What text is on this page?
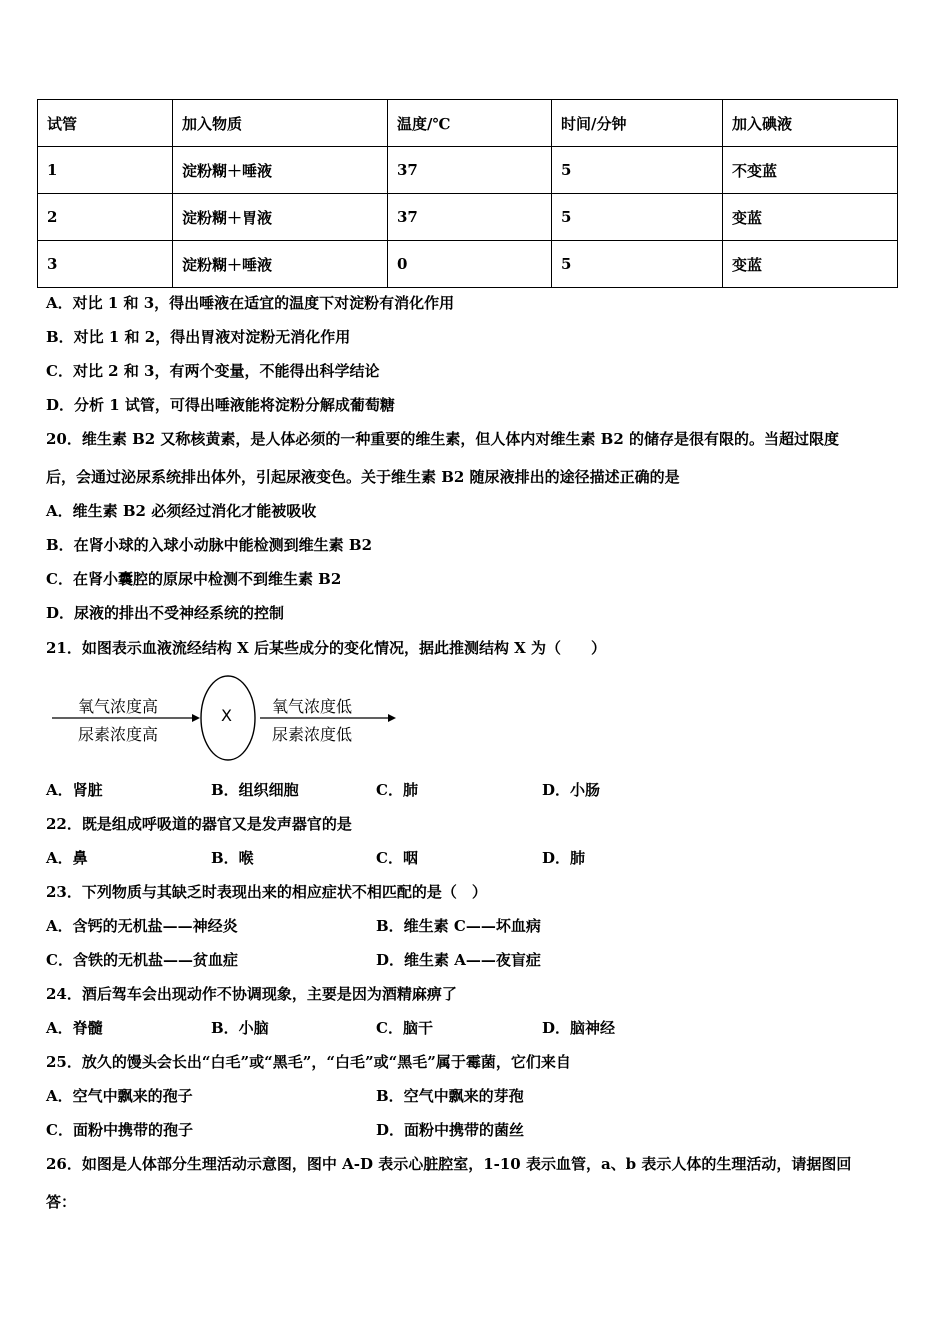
试管	加入物质	温度/℃	时间/分钟	加入碘液
1	淀粉糊＋唾液	37	5	不变蓝
2	淀粉糊＋胃液	37	5	变蓝
3	淀粉糊＋唾液	0	5	变蓝
A．对比 1 和 3，得出唾液在适宜的温度下对淀粉有消化作用
B．对比 1 和 2，得出胃液对淀粉无消化作用
C．对比 2 和 3，有两个变量，不能得出科学结论
D．分析 1 试管，可得出唾液能将淀粉分解成葡萄糖
20．维生素 B2 又称核黄素，是人体必须的一种重要的维生素，但人体内对维生素 B2 的储存是很有限的。当超过限度
后，会通过泌尿系统排出体外，引起尿液变色。关于维生素 B2 随尿液排出的途径描述正确的是
A．维生素 B2 必须经过消化才能被吸收
B．在肾小球的入球小动脉中能检测到维生素 B2
C．在肾小囊腔的原尿中检测不到维生素 B2
D．尿液的排出不受神经系统的控制
21．如图表示血液流经结构 X 后某些成分的变化情况，据此推测结构 X 为（　　）
氧气浓度高
尿素浓度高
X	氧气浓度低
尿素浓度低
A．肾脏	B．组织细胞	C．肺	D．小肠
22．既是组成呼吸道的器官又是发声器官的是
A．鼻	B．喉	C．咽	D．肺
23．下列物质与其缺乏时表现出来的相应症状不相匹配的是（　）
A．含钙的无机盐——神经炎	B．维生素 C——坏血病
C．含铁的无机盐——贫血症	D．维生素 A——夜盲症
24．酒后驾车会出现动作不协调现象，主要是因为酒精麻痹了
A．脊髓	B．小脑	C．脑干	D．脑神经
25．放久的馒头会长出“白毛”或“黑毛”，“白毛”或“黑毛”属于霉菌，它们来自
A．空气中飘来的孢子	B．空气中飘来的芽孢
C．面粉中携带的孢子	D．面粉中携带的菌丝
26．如图是人体部分生理活动示意图，图中 A-D 表示心脏腔室，1-10 表示血管，a、b 表示人体的生理活动，请据图回
答：
